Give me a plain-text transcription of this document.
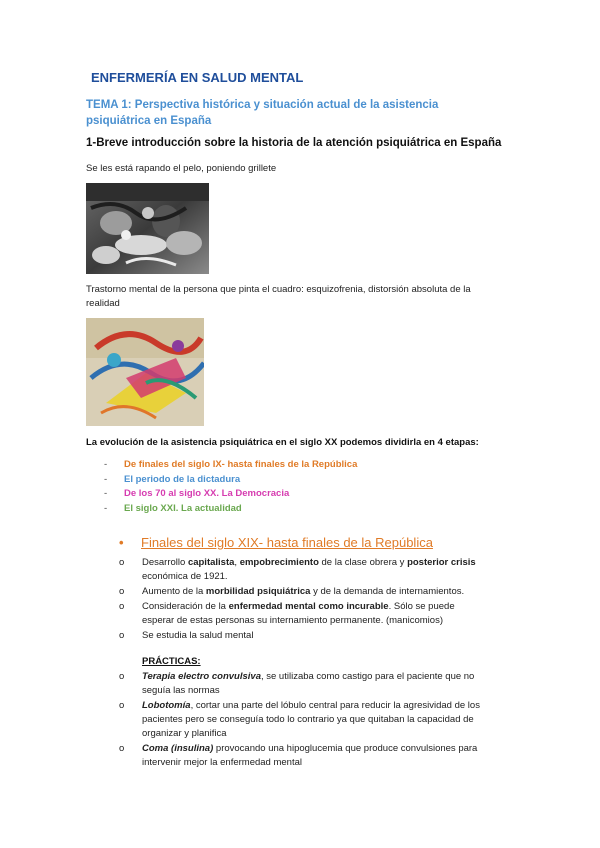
ENFERMERÍA EN SALUD MENTAL
TEMA 1: Perspectiva histórica y situación actual de la asistencia psiquiátrica en España
1-Breve introducción sobre la historia de la atención psiquiátrica en España
Se les está rapando el pelo, poniendo grillete
Trastorno mental de la persona que pinta el cuadro: esquizofrenia, distorsión absoluta de la realidad
La evolución de la asistencia psiquiátrica en el siglo XX podemos dividirla en 4 etapas:
-	De finales del siglo IX- hasta finales de la República
-	El periodo de la dictadura
-	De los 70 al siglo XX. La Democracia
-	El siglo XXI. La actualidad
•	Finales del siglo XIX- hasta finales de la República
o	Desarrollo capitalista, empobrecimiento de la clase obrera y posterior crisis económica de 1921.
o	Aumento de la morbilidad psiquiátrica y de la demanda de internamientos.
o	Consideración de la enfermedad mental como incurable. Sólo se puede esperar de estas personas su internamiento permanente. (manicomios)
o	Se estudia la salud mental
PRÁCTICAS:
o	Terapia electro convulsiva, se utilizaba como castigo para el paciente que no seguía las normas
o	Lobotomía, cortar una parte del lóbulo central para reducir la agresividad de los pacientes pero se conseguía todo lo contrario ya que quitaban la capacidad de organizar y planifica
o	Coma (insulina) provocando una hipoglucemia que produce convulsiones para intervenir mejor la enfermedad mental
